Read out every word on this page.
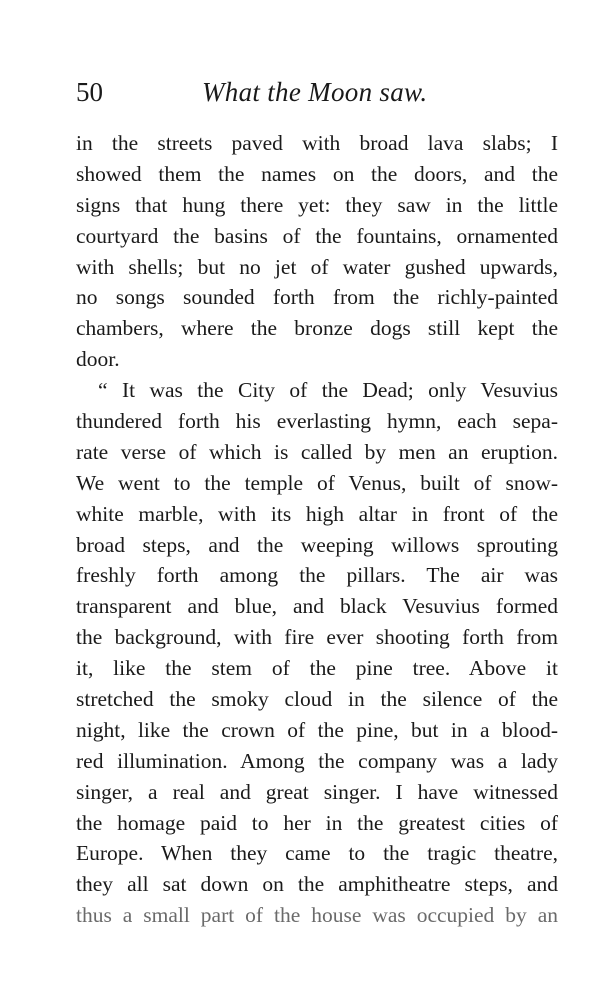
50	What the Moon saw.
in the streets paved with broad lava slabs; I
showed them the names on the doors, and the
signs that hung there yet: they saw in the little
courtyard the basins of the fountains, ornamented
with shells; but no jet of water gushed upwards,
no songs sounded forth from the richly-painted
chambers, where the bronze dogs still kept the
door.
“ It was the City of the Dead; only Vesuvius
thundered forth his everlasting hymn, each sepa-
rate verse of which is called by men an eruption.
We went to the temple of Venus, built of snow-
white marble, with its high altar in front of the
broad steps, and the weeping willows sprouting
freshly forth among the pillars. The air was
transparent and blue, and black Vesuvius formed
the background, with fire ever shooting forth from
it, like the stem of the pine tree. Above it
stretched the smoky cloud in the silence of the
night, like the crown of the pine, but in a blood-
red illumination. Among the company was a lady
singer, a real and great singer. I have witnessed
the homage paid to her in the greatest cities of
Europe. When they came to the tragic theatre,
they all sat down on the amphitheatre steps, and
thus a small part of the house was occupied by an
